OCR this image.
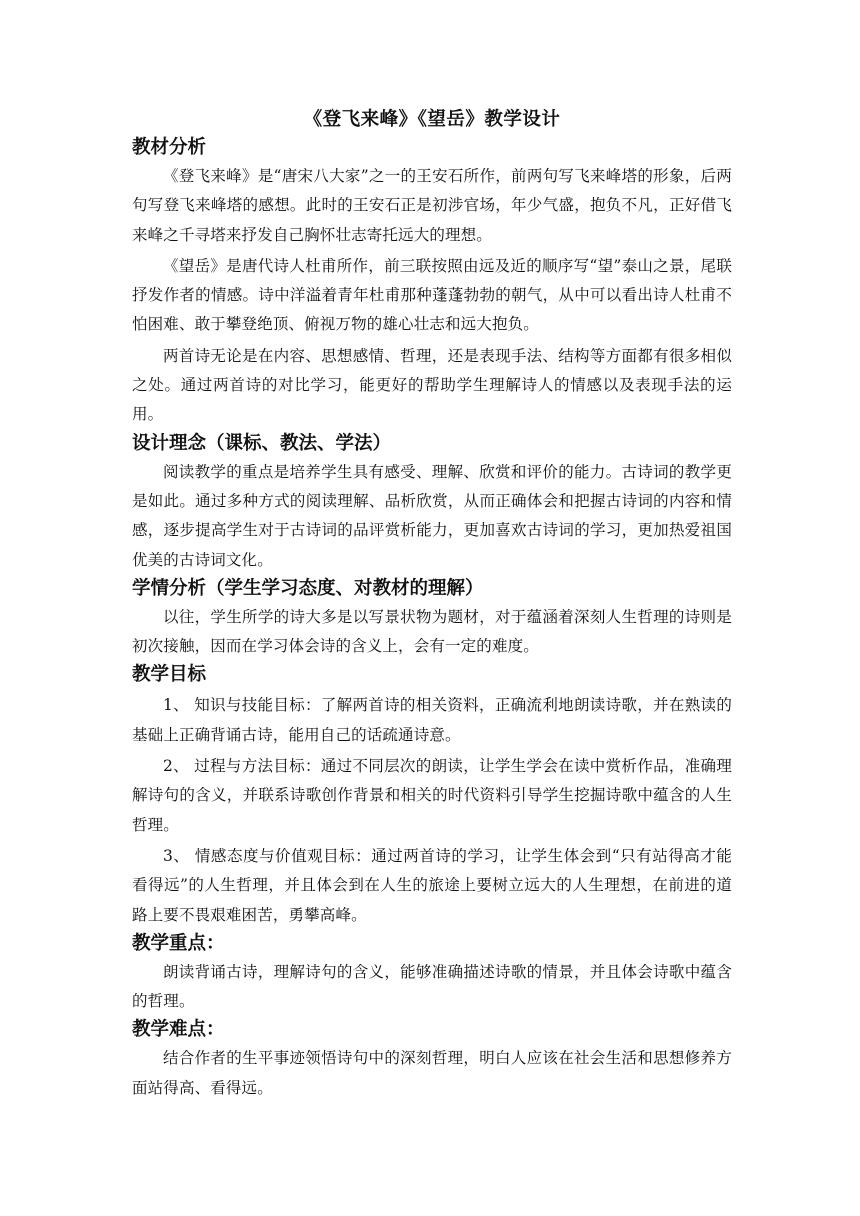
《登飞来峰》《望岳》教学设计
教材分析

《登飞来峰》是“唐宋八大家”之一的王安石所作，前两句写飞来峰塔的形象，后两句写登飞来峰塔的感想。此时的王安石正是初涉官场，年少气盛，抱负不凡，正好借飞来峰之千寻塔来抒发自己胸怀壮志寄托远大的理想。

《望岳》是唐代诗人杜甫所作，前三联按照由远及近的顺序写“望”泰山之景，尾联抒发作者的情感。诗中洋溢着青年杜甫那种蓬蓬勃勃的朝气，从中可以看出诗人杜甫不怕困难、敢于攀登绝顶、俯视万物的雄心壮志和远大抱负。

两首诗无论是在内容、思想感情、哲理，还是表现手法、结构等方面都有很多相似之处。通过两首诗的对比学习，能更好的帮助学生理解诗人的情感以及表现手法的运用。

设计理念（课标、教法、学法）

阅读教学的重点是培养学生具有感受、理解、欣赏和评价的能力。古诗词的教学更是如此。通过多种方式的阅读理解、品析欣赏，从而正确体会和把握古诗词的内容和情感，逐步提高学生对于古诗词的品评赏析能力，更加喜欢古诗词的学习，更加热爱祖国优美的古诗词文化。

学情分析（学生学习态度、对教材的理解）

以往，学生所学的诗大多是以写景状物为题材，对于蕴涵着深刻人生哲理的诗则是初次接触，因而在学习体会诗的含义上，会有一定的难度。

教学目标

1、 知识与技能目标：了解两首诗的相关资料，正确流利地朗读诗歌，并在熟读的基础上正确背诵古诗，能用自己的话疏通诗意。

2、 过程与方法目标：通过不同层次的朗读，让学生学会在读中赏析作品，准确理解诗句的含义，并联系诗歌创作背景和相关的时代资料引导学生挖掘诗歌中蕴含的人生哲理。

3、 情感态度与价值观目标：通过两首诗的学习，让学生体会到“只有站得高才能看得远”的人生哲理，并且体会到在人生的旅途上要树立远大的人生理想，在前进的道路上要不畏艰难困苦，勇攀高峰。

教学重点：

朗读背诵古诗，理解诗句的含义，能够准确描述诗歌的情景，并且体会诗歌中蕴含的哲理。

教学难点：

结合作者的生平事迹领悟诗句中的深刻哲理，明白人应该在社会生活和思想修养方面站得高、看得远。
